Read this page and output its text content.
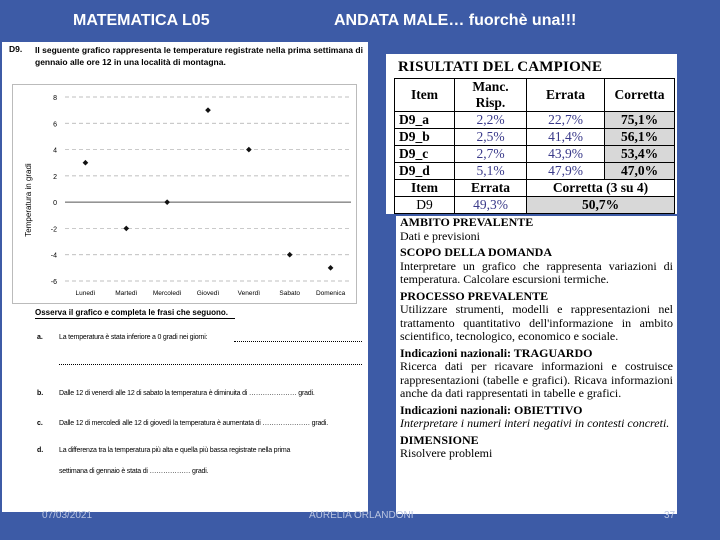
MATEMATICA L05	ANDATA MALE… fuorchè una!!!
D9. Il seguente grafico rappresenta le temperature registrate nella prima settimana di gennaio alle ore 12 in una località di montagna.
-6
-4
-2
0
2
4
6
8
Lunedì	Martedì Mercoledì Giovedì	Venerdì	Sabato Domenica
Temperatura in gradi
Osserva il grafico e completa le frasi che seguono.
a. La temperatura è stata inferiore a 0 gradi nei giorni:
b. Dalle 12 di venerdì alle 12 di sabato la temperatura è diminuita di ………………… gradi.
c. Dalle 12 di mercoledì alle 12 di giovedì la temperatura è aumentata di ………………… gradi.
d. La differenza tra la temperatura più alta e quella più bassa registrate nella prima
settimana di gennaio è stata di ……………… gradi.
RISULTATI DEL CAMPIONE
Item	Manc. Risp.	Errata	Corretta
D9_a	2,2%	22,7%	75,1%
D9_b	2,5%	41,4%	56,1%
D9_c	2,7%	43,9%	53,4%
D9_d	5,1%	47,9%	47,0%
Item	Errata	Corretta (3 su 4)	
D9	49,3%	50,7%	
AMBITO PREVALENTE

Dati e previsioni

SCOPO DELLA DOMANDA

Interpretare un grafico che rappresenta variazioni di temperatura. Calcolare escursioni termiche.

PROCESSO PREVALENTE

Utilizzare strumenti, modelli e rappresentazioni nel trattamento quantitativo dell'informazione in ambito scientifico, tecnologico, economico e sociale.

Indicazioni nazionali: TRAGUARDO

Ricerca dati per ricavare informazioni e costruisce rappresentazioni (tabelle e grafici). Ricava informazioni anche da dati rappresentati in tabelle e grafici.

Indicazioni nazionali: OBIETTIVO

Interpretare i numeri interi negativi in contesti concreti.

DIMENSIONE

Risolvere problemi

07/03/2021	AURELIA ORLANDONI	37
